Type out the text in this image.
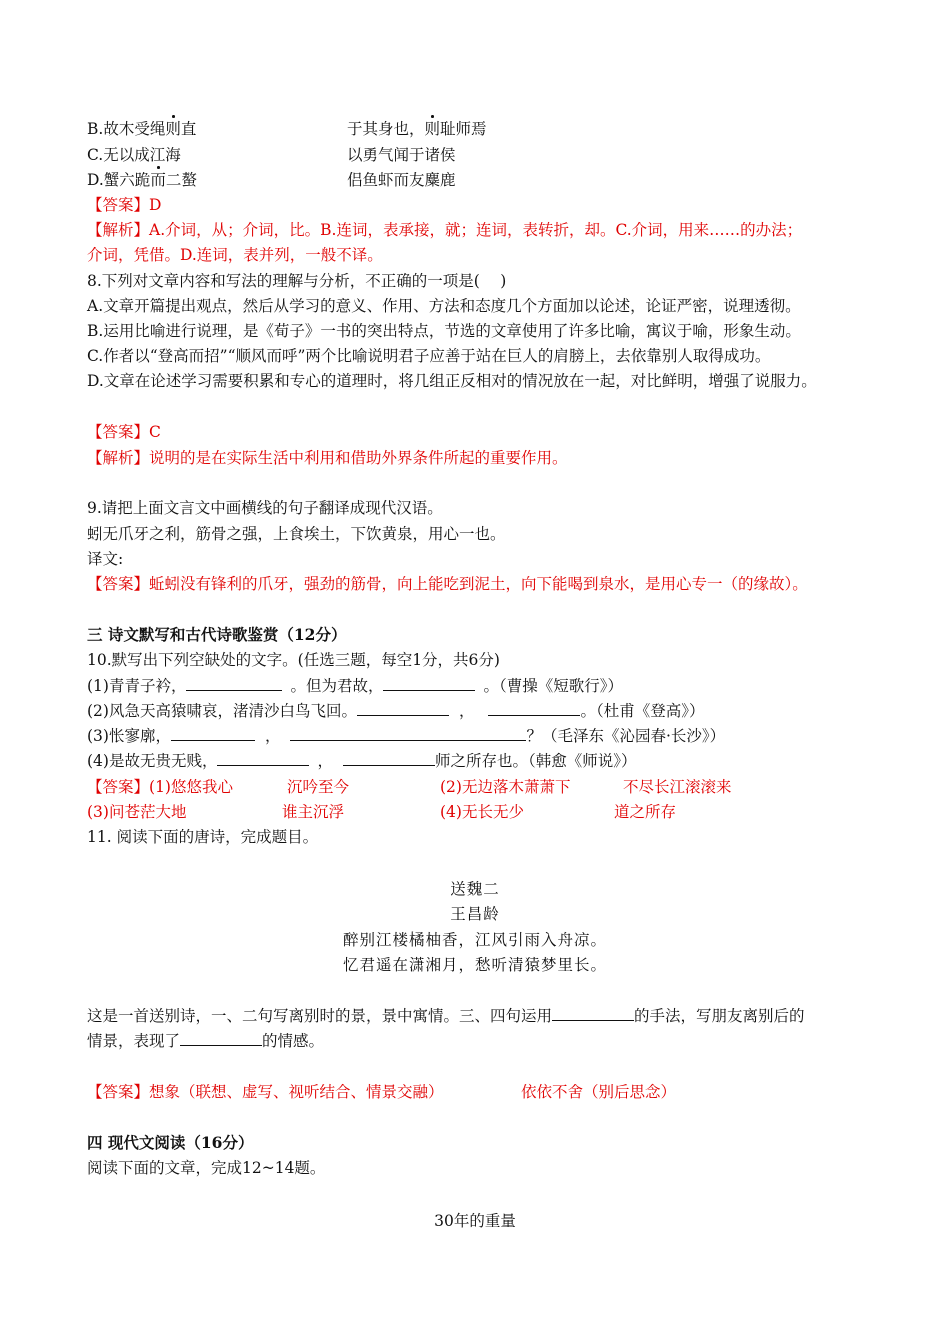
B.故木受绳则直	于其身也，则耻师焉
C.无以成江海	以勇气闻于诸侯
D.蟹六跪而二螯	侣鱼虾而友麋鹿
【答案】D
【解析】A.介词，从；介词，比。B.连词，表承接，就；连词，表转折，却。C.介词，用来……的办法；
介词，凭借。D.连词，表并列，一般不译。
8.下列对文章内容和写法的理解与分析，不正确的一项是(　 )
A.文章开篇提出观点，然后从学习的意义、作用、方法和态度几个方面加以论述，论证严密，说理透彻。
B.运用比喻进行说理，是《荀子》一书的突出特点，节选的文章使用了许多比喻，寓议于喻，形象生动。
C.作者以“登高而招”“顺风而呼”两个比喻说明君子应善于站在巨人的肩膀上，去依靠别人取得成功。
D.文章在论述学习需要积累和专心的道理时，将几组正反相对的情况放在一起，对比鲜明，增强了说服力。
【答案】C
【解析】说明的是在实际生活中利用和借助外界条件所起的重要作用。
9.请把上面文言文中画横线的句子翻译成现代汉语。
蚓无爪牙之利，筋骨之强，上食埃土，下饮黄泉，用心一也。
译文:
【答案】蚯蚓没有锋利的爪牙，强劲的筋骨，向上能吃到泥土，向下能喝到泉水，是用心专一（的缘故）。
三 诗文默写和古代诗歌鉴赏（12分）
10.默写出下列空缺处的文字。(任选三题，每空1分，共6分)
(1)青青子衿，	。但为君故，	。（曹操《短歌行》）
(2)风急天高猿啸哀，渚清沙白鸟飞回。	，	。（杜甫《登高》）
(3)怅寥廓，	，	？（毛泽东《沁园春·长沙》）
(4)是故无贵无贱，	，	师之所存也。（韩愈《师说》）
【答案】(1)悠悠我心	沉吟至今	(2)无边落木萧萧下	不尽长江滚滚来
(3)问苍茫大地	谁主沉浮	(4)无长无少	道之所存
11. 阅读下面的唐诗，完成题目。
送魏二
王昌龄
醉别江楼橘柚香，江风引雨入舟凉。
忆君遥在潇湘月，愁听清猿梦里长。
这是一首送别诗，一、二句写离别时的景，景中寓情。三、四句运用	的手法，写朋友离别后的
情景，表现了	的情感。
【答案】想象（联想、虚写、视听结合、情景交融）	依依不舍（别后思念）
四 现代文阅读（16分）
阅读下面的文章，完成12~14题。
30年的重量
